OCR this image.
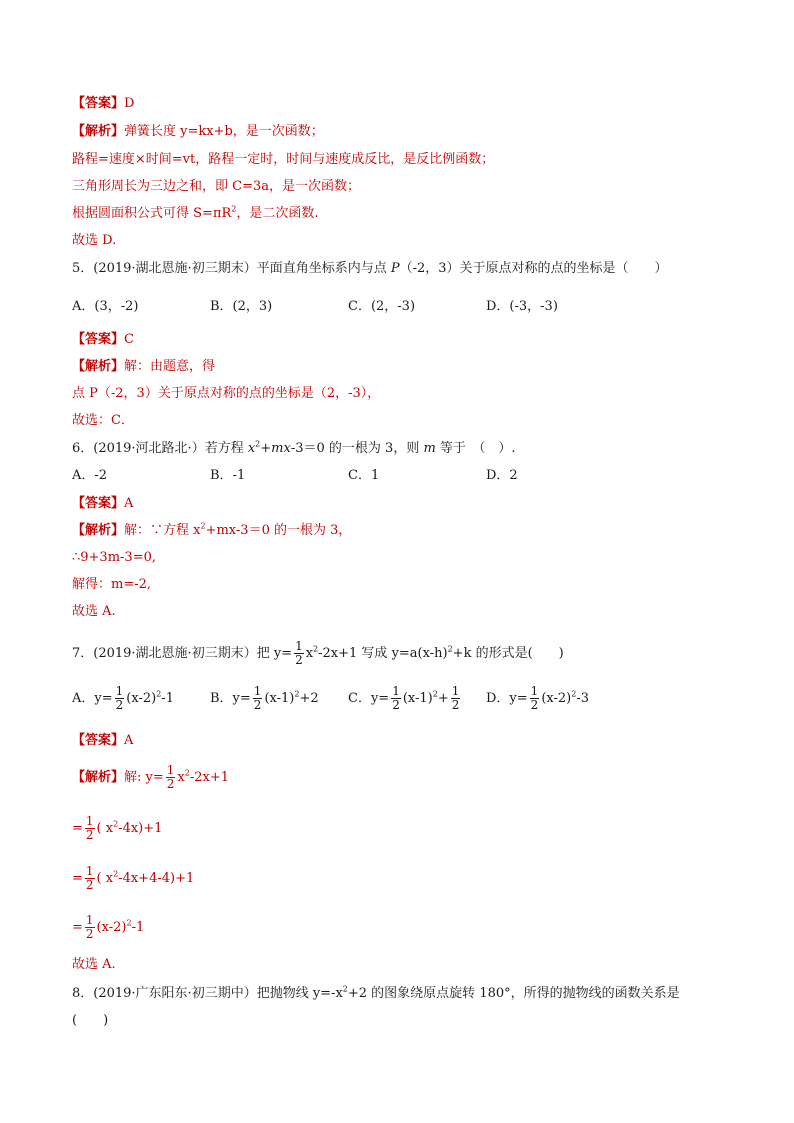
【答案】D
【解析】弹簧长度 y=kx+b，是一次函数；
路程=速度×时间=vt，路程一定时，时间与速度成反比，是反比例函数；
三角形周长为三边之和，即 C=3a，是一次函数；
根据圆面积公式可得 $S=\pi R^2$，是二次函数.
故选 D.
5．(2019·湖北恩施·初三期末）平面直角坐标系内与点 P（-2，3）关于原点对称的点的坐标是（　　）
A．(3，-2)	B．(2，3)	C．(2，-3)	D．(-3，-3)
【答案】C
【解析】解：由题意，得
点 P（-2，3）关于原点对称的点的坐标是（2，-3），
故选：C．
6．(2019·河北路北·）若方程 $x^2+mx-3=0$ 的一根为 3，则 m 等于　（　）.
A．-2	B．-1	C．1	D．2
【答案】A
【解析】解：∵方程 $x^2+mx-3=0$ 的一根为 3，
∴9+3m-3=0,
解得：m=-2,
故选 A.
7．(2019·湖北恩施·初三期末）把 $y= \frac{1}{2} x^2-2x+1$ 写成 $y=a(x-h)^2+k$ 的形式是(　　)
A．$y= \frac{1}{2} (x-2)^2-1$	B．$y= \frac{1}{2} (x-1)^2+2$ C．$y= \frac{1}{2} (x-1)^2+ \frac{1}{2}$ D．$y= \frac{1}{2} (x-2)^2-3$
【答案】A
【解析】解: $y= \frac{1}{2} x^2-2x+1$
= $\frac{1}{2}$ ( $x^2-4x)+1$
= $\frac{1}{2}$ ( $x^2-4x+4-4)+1$
= $\frac{1}{2} (x-2)^2-1$
故选 A.
8．(2019·广东阳东·初三期中）把抛物线 $y=-x^2+2$ 的图象绕原点旋转 180°，所得的抛物线的函数关系是
(　　)
